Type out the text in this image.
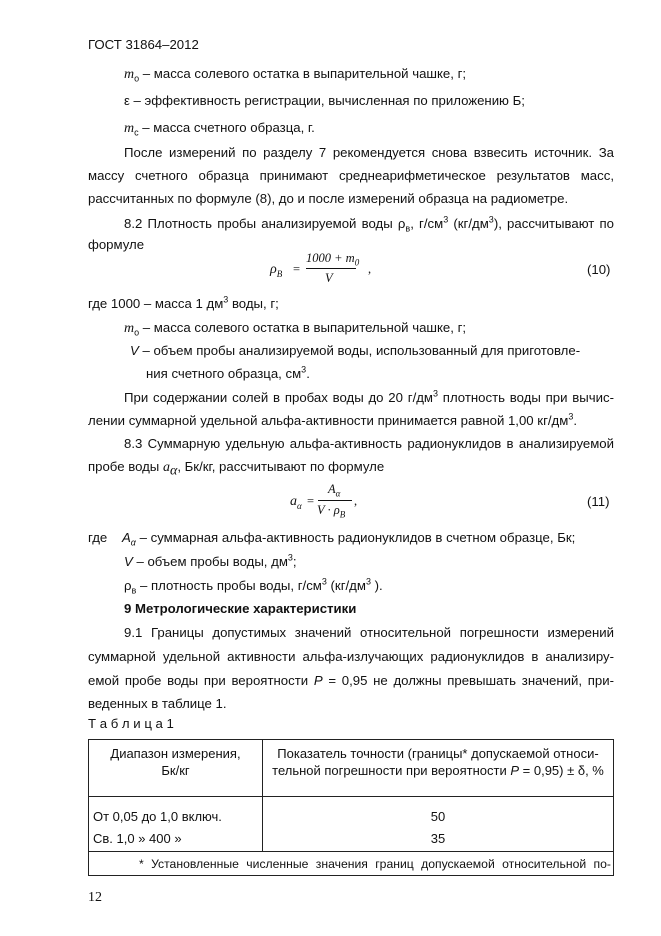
ГОСТ 31864–2012
$m_о$ – масса солевого остатка в выпарительной чашке, г;
ε – эффективность регистрации, вычисленная по приложению Б;
$m_c$ – масса счетного образца, г.
После измерений по разделу 7 рекомендуется снова взвесить источник. За
массу счетного образца принимают среднеарифметическое результатов масс,
рассчитанных по формуле (8), до и после измерений образца на радиометре.
8.2 Плотность пробы анализируемой воды $\rho_в$, $г/см^3$ $(кг/дм^3)$, рассчитывают по
формуле
$\rho_B$ =
$1000 + m_0$
V
,	(10)
где 1000 – масса 1 $дм^3$ воды, г;
$m_о$ – масса солевого остатка в выпарительной чашке, г;
V – объем пробы анализируемой воды, использованный для приготовле-
ния счетного образца, $см^3$.
При содержании солей в пробах воды до 20 $г/дм^3$ плотность воды при вычис-
лении суммарной удельной альфа-активности принимается равной 1,00 $кг/дм^3$.
8.3 Суммарную удельную альфа-активность радионуклидов в анализируемой
пробе воды $a_\alpha$, Бк/кг, рассчитывают по формуле
$a_\alpha$ =
$A_\alpha$
$V \cdot \rho_B$
,	(11)
где $A_\alpha$ – суммарная альфа-активность радионуклидов в счетном образце, Бк;
V – объем пробы воды, $дм^3$;
$\rho_в$ – плотность пробы воды, $г/см^3$ ($кг/дм^3$ ).
9 Метрологические характеристики
9.1 Границы допустимых значений относительной погрешности измерений
суммарной удельной активности альфа-излучающих радионуклидов в анализиру-
емой пробе воды при вероятности P = 0,95 не должны превышать значений, при-
веденных в таблице 1.
Т а б л и ц а 1
Диапазон измерения,
Бк/кг	Показатель точности (границы* допускаемой относи-
тельной погрешности при вероятности P = 0,95) ± δ, %
От 0,05 до 1,0 включ.	50
Св. 1,0 » 400 »	35

* Установленные численные значения границ допускаемой относительной по-	
12
